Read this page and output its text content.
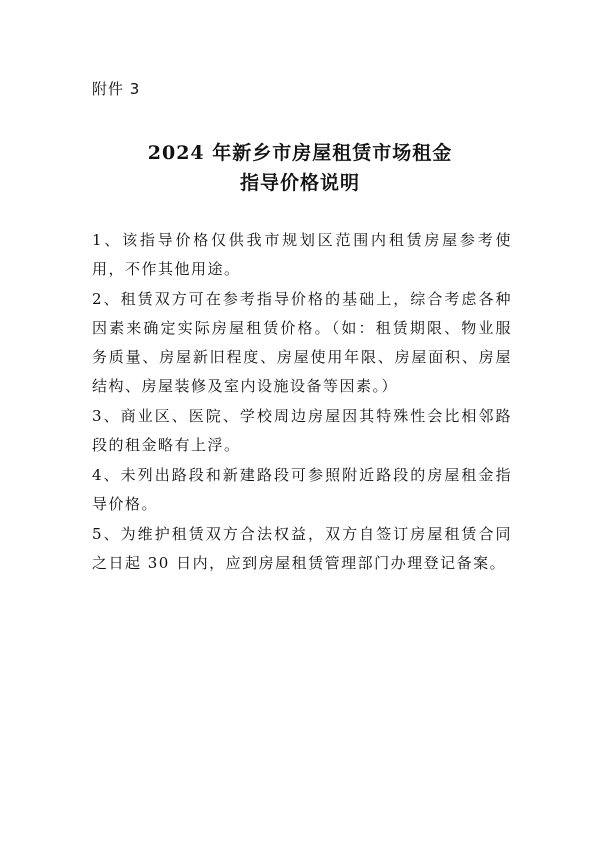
附件 3
2024 年新乡市房屋租赁市场租金
指导价格说明

1、该指导价格仅供我市规划区范围内租赁房屋参考使用，不作其他用途。

2、租赁双方可在参考指导价格的基础上，综合考虑各种因素来确定实际房屋租赁价格。（如：租赁期限、物业服务质量、房屋新旧程度、房屋使用年限、房屋面积、房屋结构、房屋装修及室内设施设备等因素。）

3、商业区、医院、学校周边房屋因其特殊性会比相邻路段的租金略有上浮。

4、未列出路段和新建路段可参照附近路段的房屋租金指导价格。

5、为维护租赁双方合法权益，双方自签订房屋租赁合同之日起 30 日内，应到房屋租赁管理部门办理登记备案。
